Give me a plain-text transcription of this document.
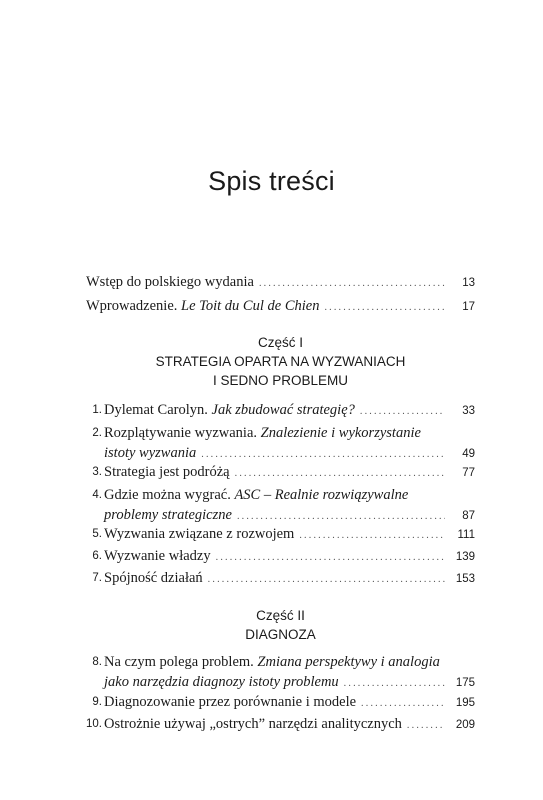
Spis treści
Wstęp do polskiego wydania .....	13
Wprowadzenie. Le Toit du Cul de Chien .....	17
Część I
STRATEGIA OPARTA NA WYZWANIACH
I SEDNO PROBLEMU
1. Dylemat Carolyn. Jak zbudować strategię? .....	33
2. Rozplątywanie wyzwania. Znalezienie i wykorzystanie
istoty wyzwania .....	49
3. Strategia jest podróżą .....	77
4. Gdzie można wygrać. ASC – Realnie rozwiązywalne
problemy strategiczne .....	87
5. Wyzwania związane z rozwojem .....	111
6. Wyzwanie władzy .....	139
7. Spójność działań .....	153
Część II
DIAGNOZA
8. Na czym polega problem. Zmiana perspektywy i analogia
jako narzędzia diagnozy istoty problemu .....	175
9. Diagnozowanie przez porównanie i modele .....	195
10. Ostrożnie używaj „ostrych” narzędzi analitycznych .....	209
